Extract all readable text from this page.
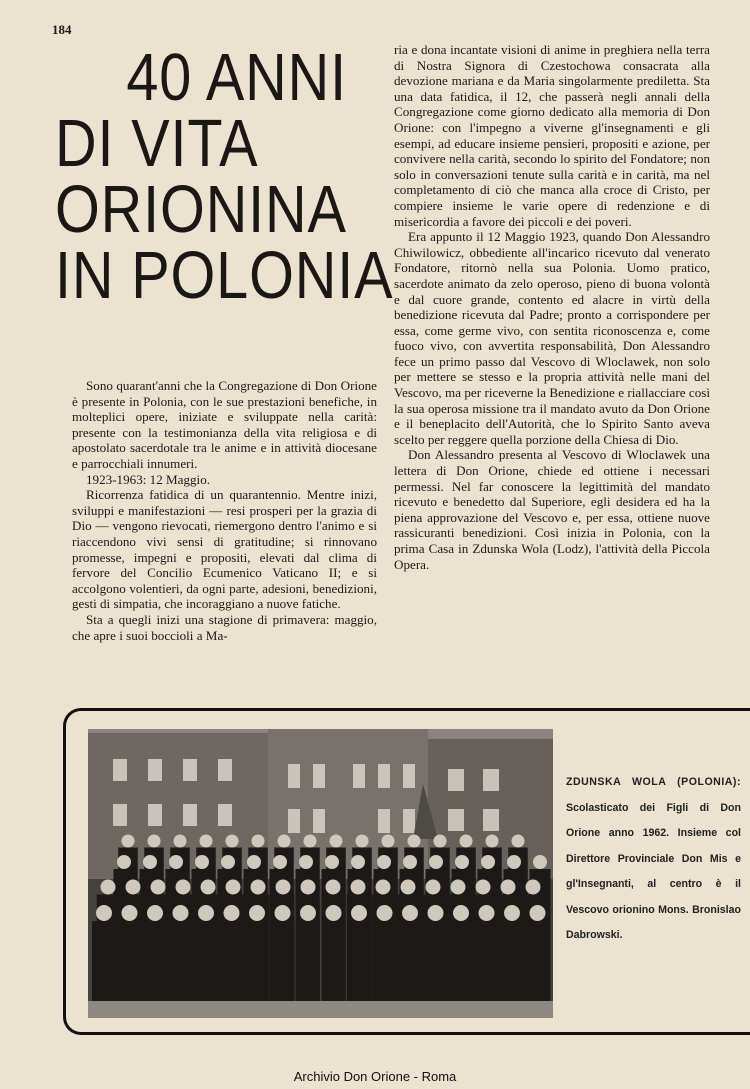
184
40 ANNI
DI VITA
ORIONINA
IN POLONIA

Sono quarant'anni che la Congregazione di Don Orione è presente in Polonia, con le sue prestazioni benefiche, in molteplici opere, iniziate e sviluppate nella carità: presente con la testimonianza della vita religiosa e di apostolato sacerdotale tra le anime e in attività diocesane e parrocchiali innumeri.

1923-1963: 12 Maggio.

Ricorrenza fatidica di un quarantennio. Mentre inizi, sviluppi e manifestazioni — resi prosperi per la grazia di Dio — vengono rievocati, riemergono dentro l'animo e si riaccendono vivi sensi di gratitudine; si rinnovano promesse, impegni e propositi, elevati dal clima di fervore del Concilio Ecumenico Vaticano II; e si accolgono volentieri, da ogni parte, adesioni, benedizioni, gesti di simpatia, che incoraggiano a nuove fatiche.

Sta a quegli inizi una stagione di primavera: maggio, che apre i suoi boccioli a Ma-

ria e dona incantate visioni di anime in preghiera nella terra di Nostra Signora di Czestochowa consacrata alla devozione mariana e da Maria singolarmente prediletta. Sta una data fatidica, il 12, che passerà negli annali della Congregazione come giorno dedicato alla memoria di Don Orione: con l'impegno a viverne gl'insegnamenti e gli esempi, ad educare insieme pensieri, propositi e azione, per convivere nella carità, secondo lo spirito del Fondatore; non solo in conversazioni tenute sulla carità e in carità, ma nel completamento di ciò che manca alla croce di Cristo, per compiere insieme le varie opere di redenzione e di misericordia a favore dei piccoli e dei poveri.

Era appunto il 12 Maggio 1923, quando Don Alessandro Chiwilowicz, obbediente all'incarico ricevuto dal venerato Fondatore, ritornò nella sua Polonia. Uomo pratico, sacerdote animato da zelo operoso, pieno di buona volontà e dal cuore grande, contento ed alacre in virtù della benedizione ricevuta dal Padre; pronto a corrispondere per essa, come germe vivo, con sentita riconoscenza e, come fuoco vivo, con avvertita responsabilità, Don Alessandro fece un primo passo dal Vescovo di Wloclawek, non solo per mettere se stesso e la propria attività nelle mani del Vescovo, ma per riceverne la Benedizione e riallacciare così la sua operosa missione tra il mandato avuto da Don Orione e il beneplacito dell'Autorità, che lo Spirito Santo aveva scelto per reggere quella porzione della Chiesa di Dio.

Don Alessandro presenta al Vescovo di Wloclawek una lettera di Don Orione, chiede ed ottiene i necessari permessi. Nel far conoscere la legittimità del mandato ricevuto e benedetto dal Superiore, egli desidera ed ha la piena approvazione del Vescovo e, per essa, ottiene nuove rassicuranti benedizioni. Così inizia in Polonia, con la prima Casa in Zdunska Wola (Lodz), l'attività della Piccola Opera.

ZDUNSKA WOLA (POLONIA): Scolasticato dei Figli di Don Orione anno 1962. Insieme col Direttore Provinciale Don Mis e gl'Insegnanti, al centro è il Vescovo orionino Mons. Bronislao Dabrowski.
Archivio Don Orione - Roma
